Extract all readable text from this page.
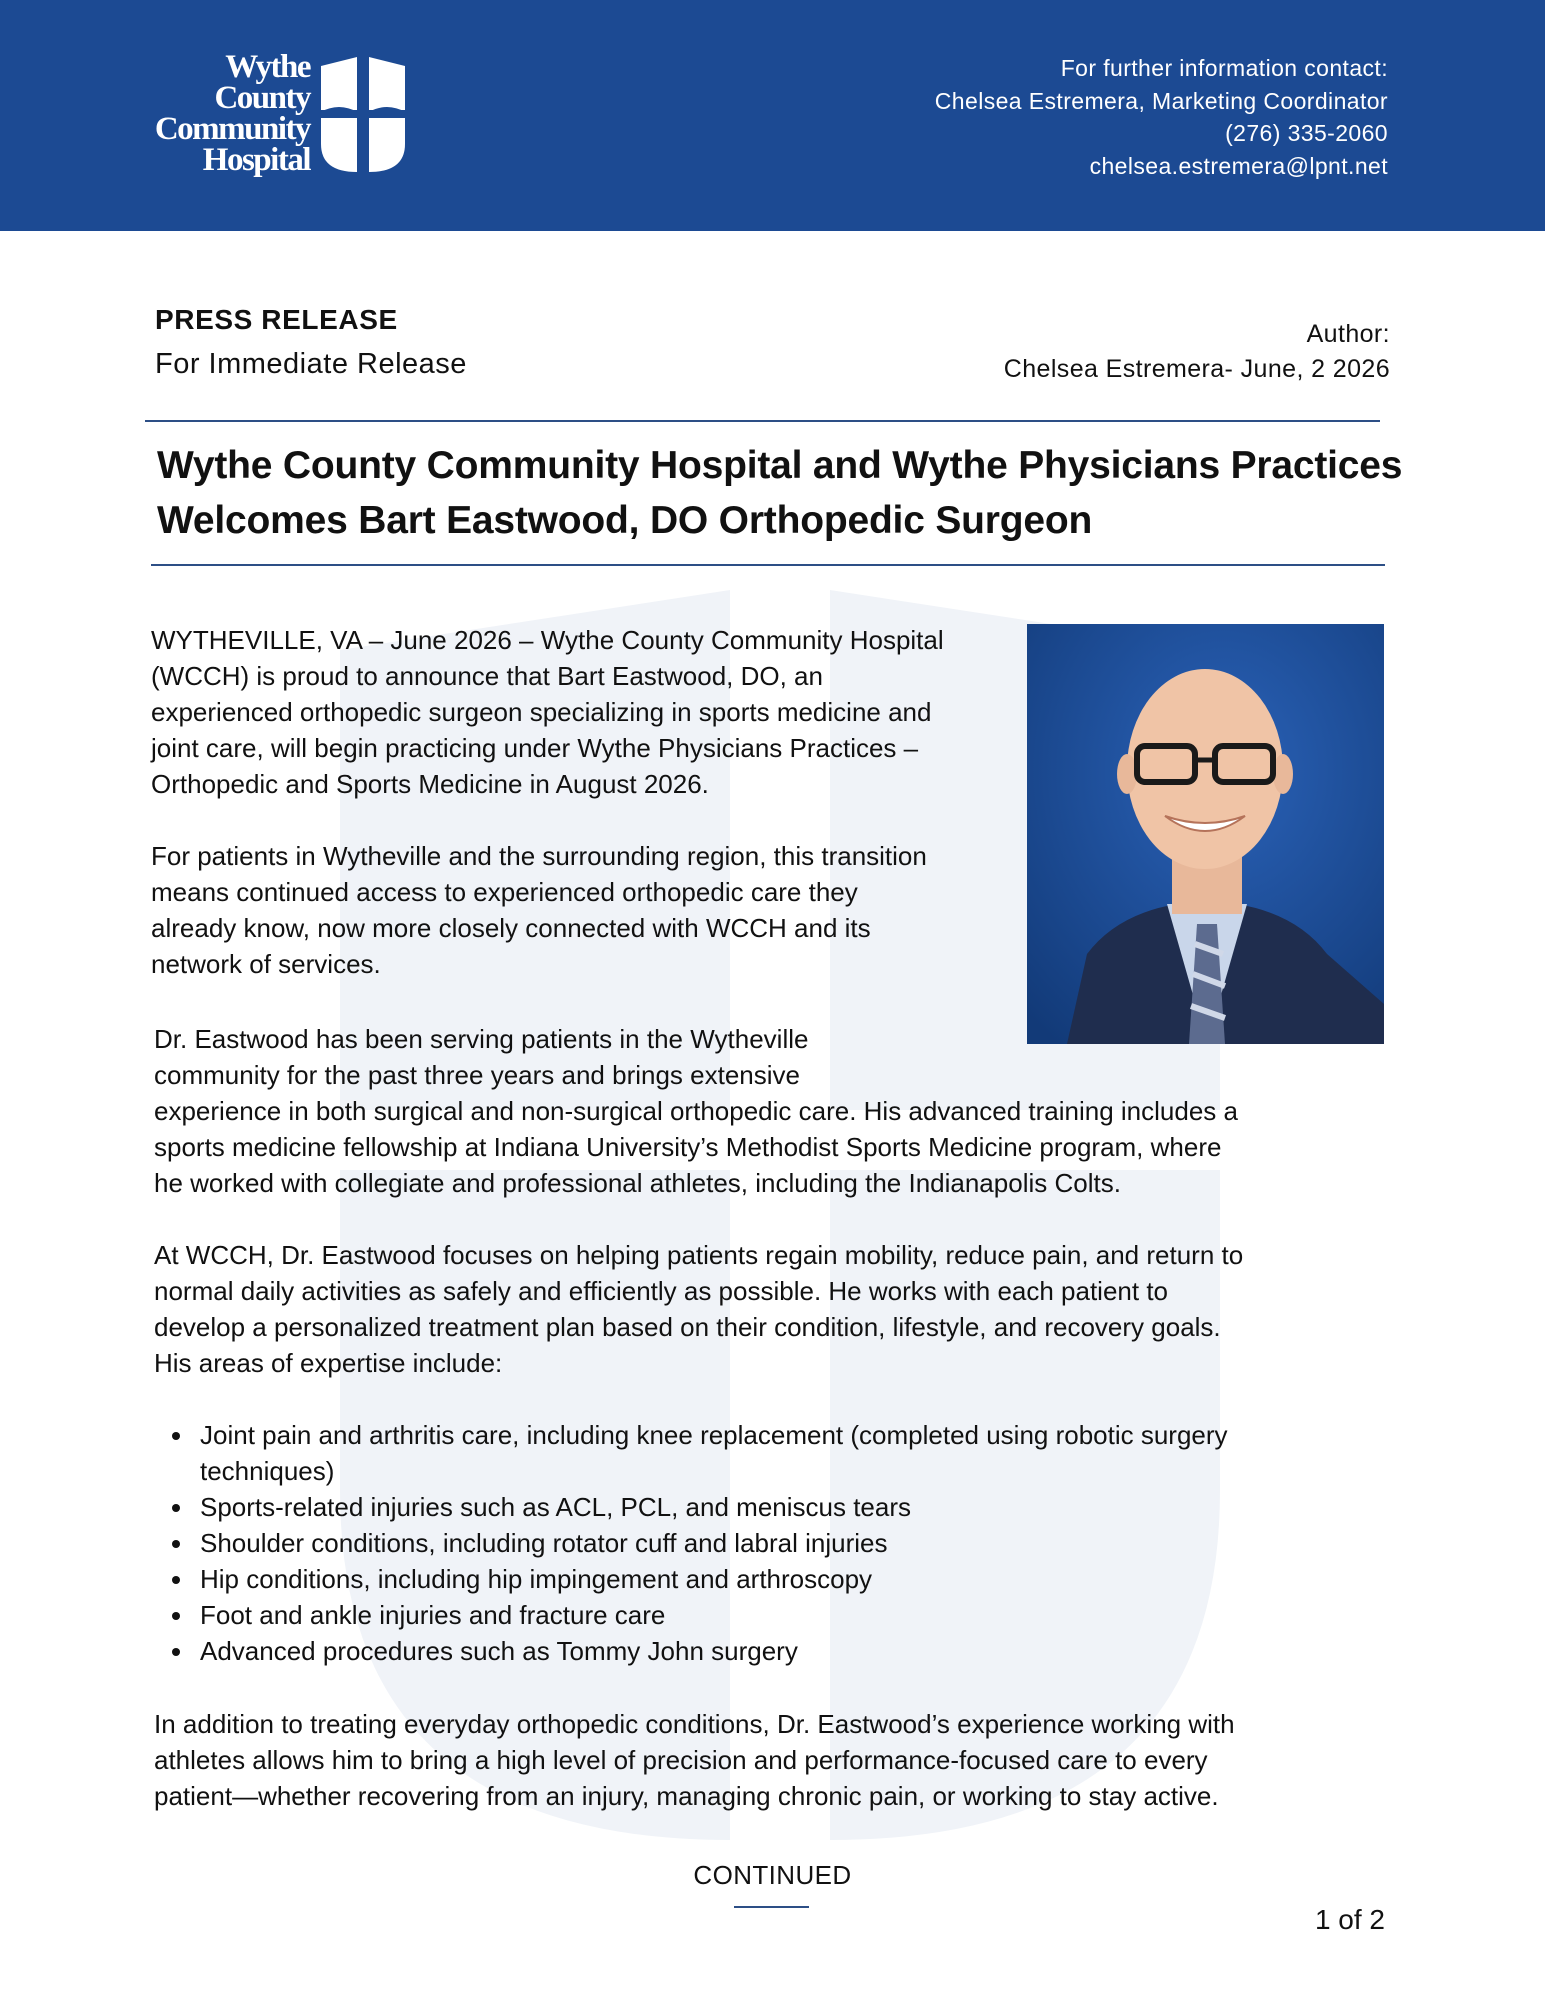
Wythe
County
Community
Hospital
For further information contact:
Chelsea Estremera, Marketing Coordinator
(276) 335-2060
chelsea.estremera@lpnt.net
PRESS RELEASE
For Immediate Release
Author:
Chelsea Estremera- June, 2 2026
Wythe County Community Hospital and Wythe Physicians Practices
Welcomes Bart Eastwood, DO Orthopedic Surgeon
WYTHEVILLE, VA – June 2026 – Wythe County Community Hospital
(WCCH) is proud to announce that Bart Eastwood, DO, an
experienced orthopedic surgeon specializing in sports medicine and
joint care, will begin practicing under Wythe Physicians Practices –
Orthopedic and Sports Medicine in August 2026.
For patients in Wytheville and the surrounding region, this transition
means continued access to experienced orthopedic care they
already know, now more closely connected with WCCH and its
network of services.
Dr. Eastwood has been serving patients in the Wytheville
community for the past three years and brings extensive
experience in both surgical and non-surgical orthopedic care. His advanced training includes a
sports medicine fellowship at Indiana University’s Methodist Sports Medicine program, where
he worked with collegiate and professional athletes, including the Indianapolis Colts.
At WCCH, Dr. Eastwood focuses on helping patients regain mobility, reduce pain, and return to
normal daily activities as safely and efficiently as possible. He works with each patient to
develop a personalized treatment plan based on their condition, lifestyle, and recovery goals.
His areas of expertise include:
Joint pain and arthritis care, including knee replacement (completed using robotic surgery
techniques)
Sports-related injuries such as ACL, PCL, and meniscus tears
Shoulder conditions, including rotator cuff and labral injuries
Hip conditions, including hip impingement and arthroscopy
Foot and ankle injuries and fracture care
Advanced procedures such as Tommy John surgery
In addition to treating everyday orthopedic conditions, Dr. Eastwood’s experience working with
athletes allows him to bring a high level of precision and performance-focused care to every
patient—whether recovering from an injury, managing chronic pain, or working to stay active.
CONTINUED
1 of 2
